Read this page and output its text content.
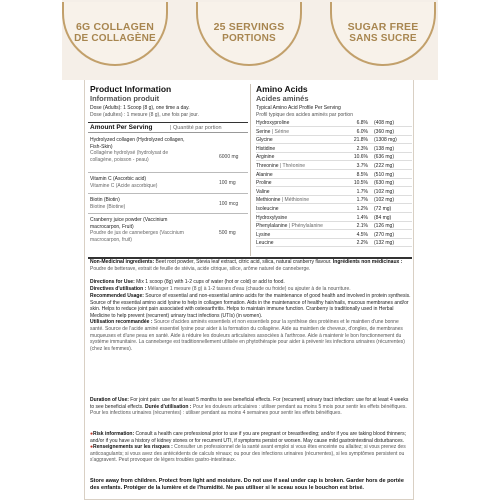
6G COLLAGEN
DE COLLAGÈNE
25 SERVINGS
PORTIONS
SUGAR FREE
SANS SUCRE
Product Information
Information produit
Dose (Adults): 1 Scoop (8 g), one time a day.
Dose (adultes) : 1 mesure (8 g), une fois par jour.
Amount Per Serving	| Quantité par portion
Hydrolyzed collagen (Hydrolyzed collagen, Fish-Skin)
Collagène hydrolysé (hydrolysat de collagène, poisson - peau)	6000 mg
Vitamin C (Ascorbic acid)
Vitamine C (Acide ascorbique)	100 mg
Biotin (Biotin)
Biotine (Biotine)	100 mcg
Cranberry juice powder (Vaccinium macrocarpon, Fruit)
Poudre de jus de canneberges (Vaccinium macrocarpon, fruit)
500 mg
Amino Acids
Acides aminés
Typical Amino Acid Profile Per Serving
Profil typique des acides aminés par portion
Hydroxyproline	6.8% (408 mg)
Serine | Sérine	6.0% (360 mg)
Glycine	21.8% (1308 mg)
Histidine	2.3% (138 mg)
Arginine	10.6% (636 mg)
Threonine | Thréonine	3.7% (222 mg)
Alanine	8.5% (510 mg)
Proline	10.5% (630 mg)
Valine	1.7% (102 mg)
Methionine | Méthionine	1.7% (102 mg)
Isoleucine	1.2% (72 mg)
Hydroxylysine	1.4% (84 mg)
Phenylalanine | Phénylalanine	2.1% (126 mg)
Lysine	4.5% (270 mg)
Leucine	2.2% (132 mg)
Non-Medicinal ingredients: Beet root powder, Stevia leaf extract, citric acid, silica, natural cranberry flavour. Ingrédients non médicinaux : Poudre de betterave, extrait de feuille de stévia, acide citrique, silice, arôme naturel de canneberge.
Directions for Use: Mix 1 scoop (8g) with 1-2 cups of water (hot or cold) or add to food.
Directives d'utilisation : Mélanger 1 mesure (8 g) à 1-2 tasses d'eau (chaude ou froide) ou ajouter à de la nourriture.
Recommended Usage: Source of essential and non-essential amino acids for the maintenance of good health and involved in protein synthesis. Source of the essential amino acid lysine to help in collagen formation. Aids in the maintenance of healthy hair/nails, mucous membranes and/or skin. Helps to reduce joint pain associated with osteoarthritis. Helps to maintain immune function. Cranberry is traditionally used in Herbal Medicine to help prevent (recurrent) urinary tract infections (UTIs) (in women).
Utilisation recommandée : Source d'acides aminés essentiels et non essentiels pour la synthèse des protéines et le maintien d'une bonne santé. Source de l'acide aminé essentiel lysine pour aider à la formation du collagène. Aide au maintien de cheveux, d'ongles, de membranes muqueuses et d'une peau en santé. Aide à réduire les douleurs articulaires associées à l'arthrose. Aide à maintenir le bon fonctionnement du système immunitaire. La canneberge est traditionnellement utilisée en phytothérapie pour aider à prévenir les infections urinaires (récurrentes) (chez les femmes).
Duration of Use: For joint pain: use for at least 5 months to see beneficial effects. For (recurrent) urinary tract infection: use for at least 4 weeks to see beneficial effects. Durée d'utilisation : Pour les douleurs articulaires : utiliser pendant au moins 5 mois pour sentir les effets bénéfiques. Pour les infections urinaires (récurrentes) : utiliser pendant au moins 4 semaines pour sentir les effets bénéfiques.
●Risk information: Consult a health care professional prior to use if you are pregnant or breastfeeding; and/or if you are taking blood thinners; and/or if you have a history of kidney stones or for recurrent UTI, if symptoms persist or worsen. May cause mild gastrointestinal disturbances. ●Renseignements sur les risques : Consulter un professionnel de la santé avant emploi si vous êtes enceinte ou allaitez; si vous prenez des anticoagulants; si vous avez des antécédents de calculs rénaux; ou pour des infections urinaires (récurrentes), si les symptômes persistent ou s'aggravent. Peut provoquer de légers troubles gastro-intestinaux.
Store away from children. Protect from light and moisture. Do not use if seal under cap is broken. Garder hors de portée des enfants. Protéger de la lumière et de l'humidité. Ne pas utiliser si le sceau sous le bouchon est brisé.
